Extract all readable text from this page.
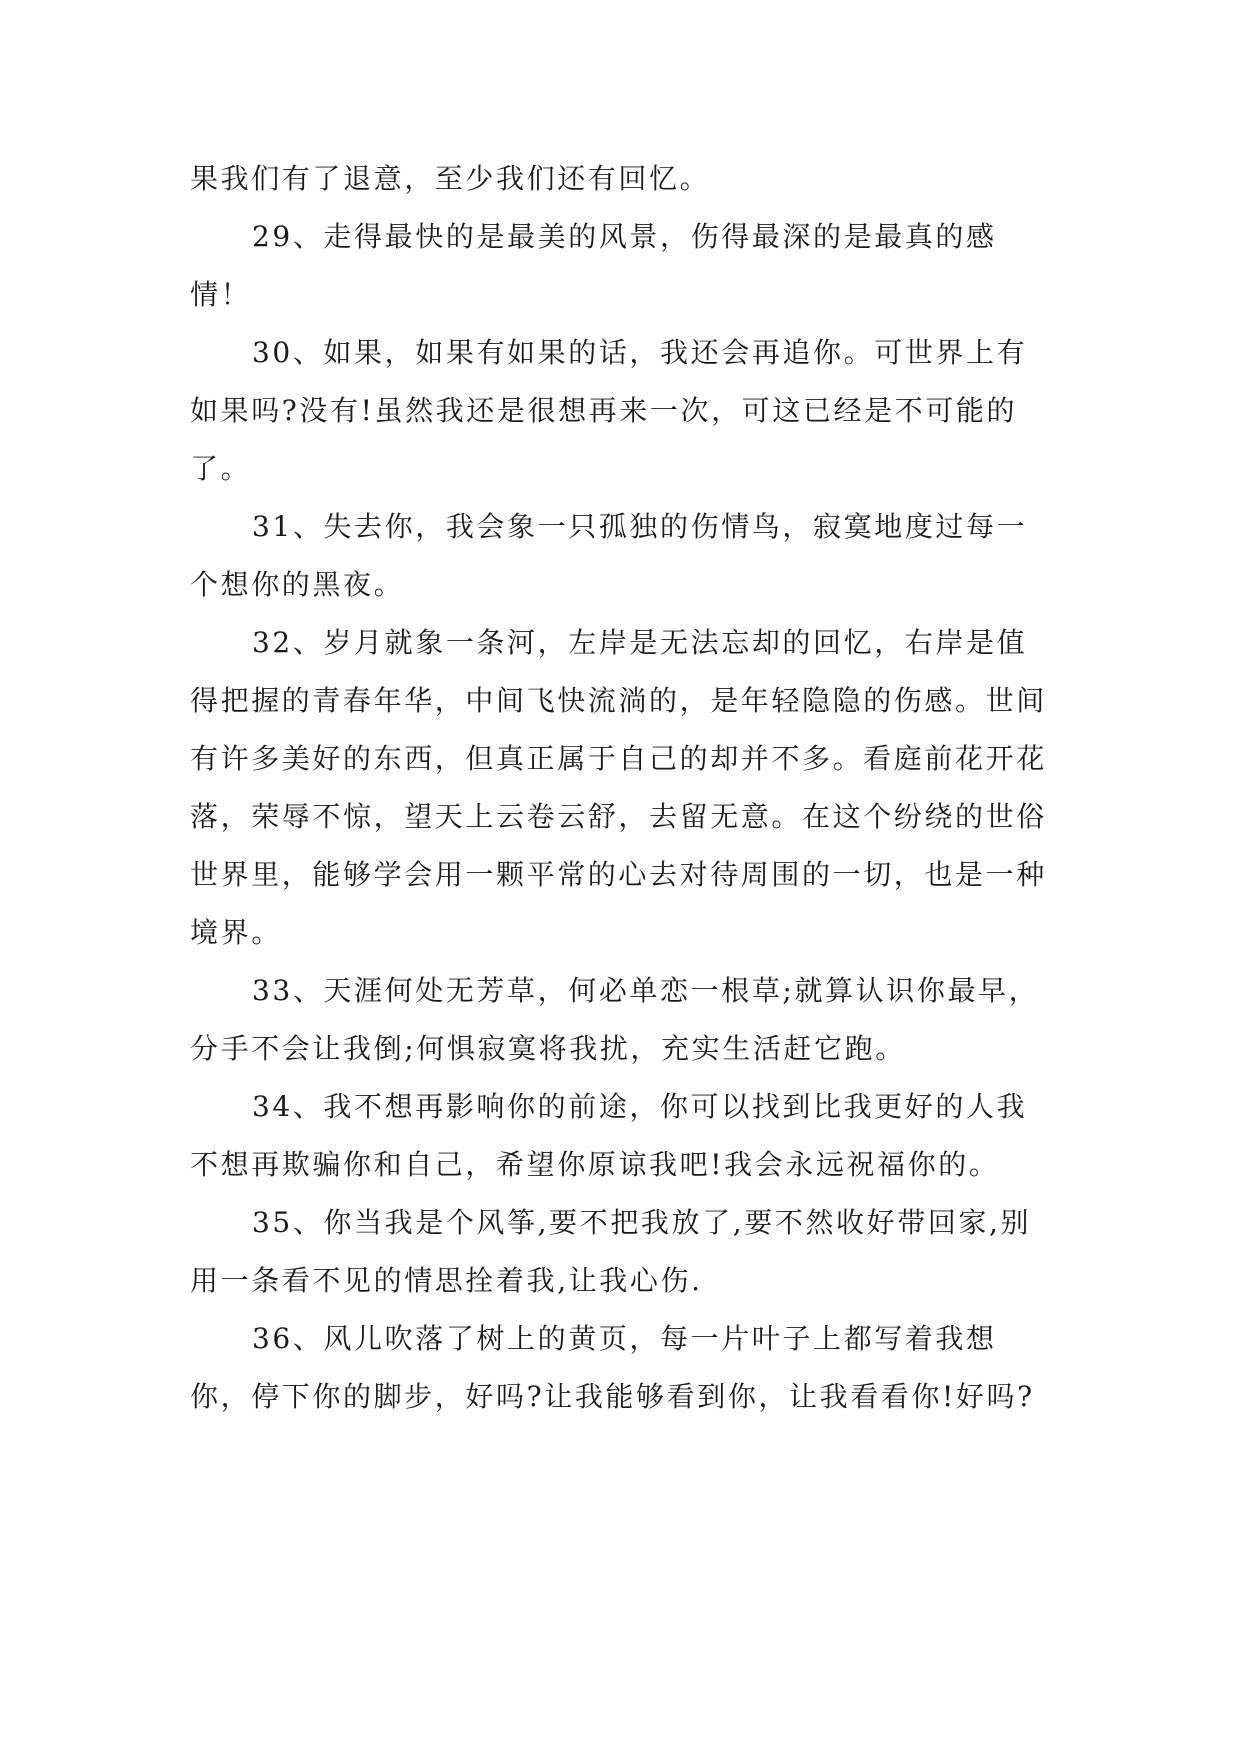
果我们有了退意，至少我们还有回忆。

29、走得最快的是最美的风景，伤得最深的是最真的感情！

30、如果，如果有如果的话，我还会再追你。可世界上有如果吗?没有!虽然我还是很想再来一次，可这已经是不可能的了。

31、失去你，我会象一只孤独的伤情鸟，寂寞地度过每一个想你的黑夜。

32、岁月就象一条河，左岸是无法忘却的回忆，右岸是值得把握的青春年华，中间飞快流淌的，是年轻隐隐的伤感。世间有许多美好的东西，但真正属于自己的却并不多。看庭前花开花落，荣辱不惊，望天上云卷云舒，去留无意。在这个纷绕的世俗世界里，能够学会用一颗平常的心去对待周围的一切，也是一种境界。

33、天涯何处无芳草，何必单恋一根草;就算认识你最早，分手不会让我倒;何惧寂寞将我扰，充实生活赶它跑。

34、我不想再影响你的前途，你可以找到比我更好的人我不想再欺骗你和自己，希望你原谅我吧!我会永远祝福你的。

35、你当我是个风筝,要不把我放了,要不然收好带回家,别用一条看不见的情思拴着我,让我心伤.

36、风儿吹落了树上的黄页，每一片叶子上都写着我想你，停下你的脚步，好吗?让我能够看到你，让我看看你!好吗?
